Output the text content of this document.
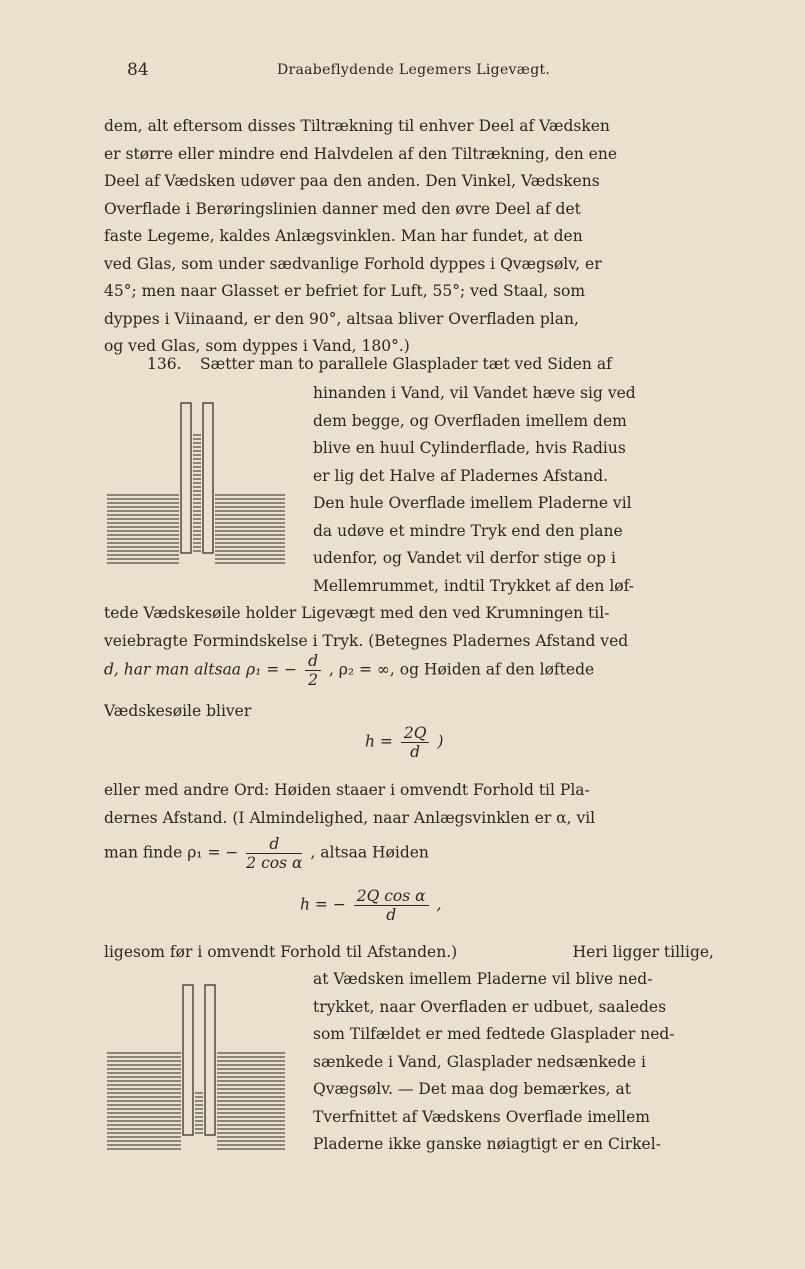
84	Draabeflydende Legemers Ligevægt.
dem, alt eftersom disses Tiltrækning til enhver Deel af Vædsken
er større eller mindre end Halvdelen af den Tiltrækning, den ene
Deel af Vædsken udøver paa den anden. Den Vinkel, Vædskens
Overflade i Berøringslinien danner med den øvre Deel af det
faste Legeme, kaldes Anlægsvinklen. Man har fundet, at den
ved Glas, som under sædvanlige Forhold dyppes i Qvægsølv, er
45°; men naar Glasset er befriet for Luft, 55°; ved Staal, som
dyppes i Viinaand, er den 90°, altsaa bliver Overfladen plan,
og ved Glas, som dyppes i Vand, 180°.)
136. Sætter man to parallele Glasplader tæt ved Siden af
hinanden i Vand, vil Vandet hæve sig ved
dem begge, og Overfladen imellem dem
blive en huul Cylinderflade, hvis Radius
er lig det Halve af Pladernes Afstand.
Den hule Overflade imellem Pladerne vil
da udøve et mindre Tryk end den plane
udenfor, og Vandet vil derfor stige op i
Mellemrummet, indtil Trykket af den løf-
tede Vædskesøile holder Ligevægt med den ved Krumningen til-
veiebragte Formindskelse i Tryk. (Betegnes Pladernes Afstand ved
d, har man altsaa ρ₁ = − $\frac{d}{2}$ , ρ₂ = ∞, og Høiden af den løftede
Vædskesøile bliver
$h = \frac{2Q}{d}$ )
eller med andre Ord: Høiden staaer i omvendt Forhold til Pla-
dernes Afstand. (I Almindelighed, naar Anlægsvinklen er α, vil
man finde ρ₁ = − $\frac{d}{\text{2 cos α}}$ , altsaa Høiden
h = − $\frac{\text{2Q cos α}}{d}$ ,
ligesom før i omvendt Forhold til Afstanden.)	Heri ligger tillige,
at Vædsken imellem Pladerne vil blive ned-
trykket, naar Overfladen er udbuet, saaledes
som Tilfældet er med fedtede Glasplader ned-
sænkede i Vand, Glasplader nedsænkede i
Qvægsølv. — Det maa dog bemærkes, at
Tverfnittet af Vædskens Overflade imellem
Pladerne ikke ganske nøiagtigt er en Cirkel-
